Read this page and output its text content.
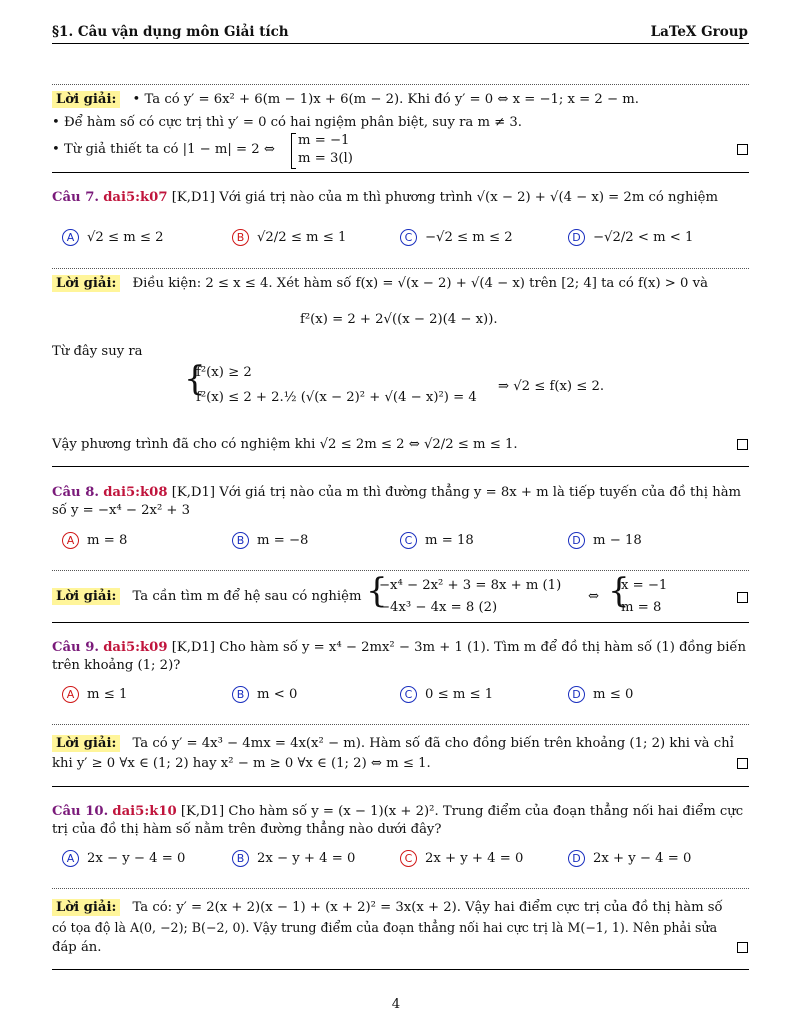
§1. Câu vận dụng môn Giải tích	LaTeX Group
Lời giải: • Ta có y′ = 6x² + 6(m − 1)x + 6(m − 2). Khi đó y′ = 0 ⇔ x = −1; x = 2 − m.
• Để hàm số có cực trị thì y′ = 0 có hai ngiệm phân biệt, suy ra m ≠ 3.
• Từ giả thiết ta có |1 − m| = 2 ⇔
m = −1
m = 3(l)
Câu 7. dai5:k07 [K,D1] Với giá trị nào của m thì phương trình √(x − 2) + √(4 − x) = 2m có nghiệm
A √2 ≤ m ≤ 2	B √2/2 ≤ m ≤ 1	C −√2 ≤ m ≤ 2	D −√2/2 < m < 1
Lời giải: Điều kiện: 2 ≤ x ≤ 4. Xét hàm số f(x) = √(x − 2) + √(4 − x) trên [2; 4] ta có f(x) > 0 và
f²(x) = 2 + 2√((x − 2)(4 − x)).
Từ đây suy ra
{
f²(x) ≥ 2
f²(x) ≤ 2 + 2.½ (√(x − 2)² + √(4 − x)²) = 4
⇒ √2 ≤ f(x) ≤ 2.
Vậy phương trình đã cho có nghiệm khi √2 ≤ 2m ≤ 2 ⇔ √2/2 ≤ m ≤ 1.
Câu 8. dai5:k08 [K,D1] Với giá trị nào của m thì đường thẳng y = 8x + m là tiếp tuyến của đồ thị hàm
số y = −x⁴ − 2x² + 3
A m = 8	B m = −8	C m = 18	D m − 18
Lời giải: Ta cần tìm m để hệ sau có nghiệm {
−x⁴ − 2x² + 3 = 8x + m (1)
−4x³ − 4x = 8 (2)
⇔ {
x = −1
m = 8
Câu 9. dai5:k09 [K,D1] Cho hàm số y = x⁴ − 2mx² − 3m + 1 (1). Tìm m để đồ thị hàm số (1) đồng biến
trên khoảng (1; 2)?
A m ≤ 1	B m < 0	C 0 ≤ m ≤ 1	D m ≤ 0
Lời giải: Ta có y′ = 4x³ − 4mx = 4x(x² − m). Hàm số đã cho đồng biến trên khoảng (1; 2) khi và chỉ
khi y′ ≥ 0 ∀x ∈ (1; 2) hay x² − m ≥ 0 ∀x ∈ (1; 2) ⇔ m ≤ 1.
Câu 10. dai5:k10 [K,D1] Cho hàm số y = (x − 1)(x + 2)². Trung điểm của đoạn thẳng nối hai điểm cực
trị của đồ thị hàm số nằm trên đường thẳng nào dưới đây?
A 2x − y − 4 = 0	B 2x − y + 4 = 0	C 2x + y + 4 = 0	D 2x + y − 4 = 0
Lời giải: Ta có: y′ = 2(x + 2)(x − 1) + (x + 2)² = 3x(x + 2). Vậy hai điểm cực trị của đồ thị hàm số
có tọa độ là A(0, −2); B(−2, 0). Vậy trung điểm của đoạn thẳng nối hai cực trị là M(−1, 1). Nên phải sửa
đáp án.
4
